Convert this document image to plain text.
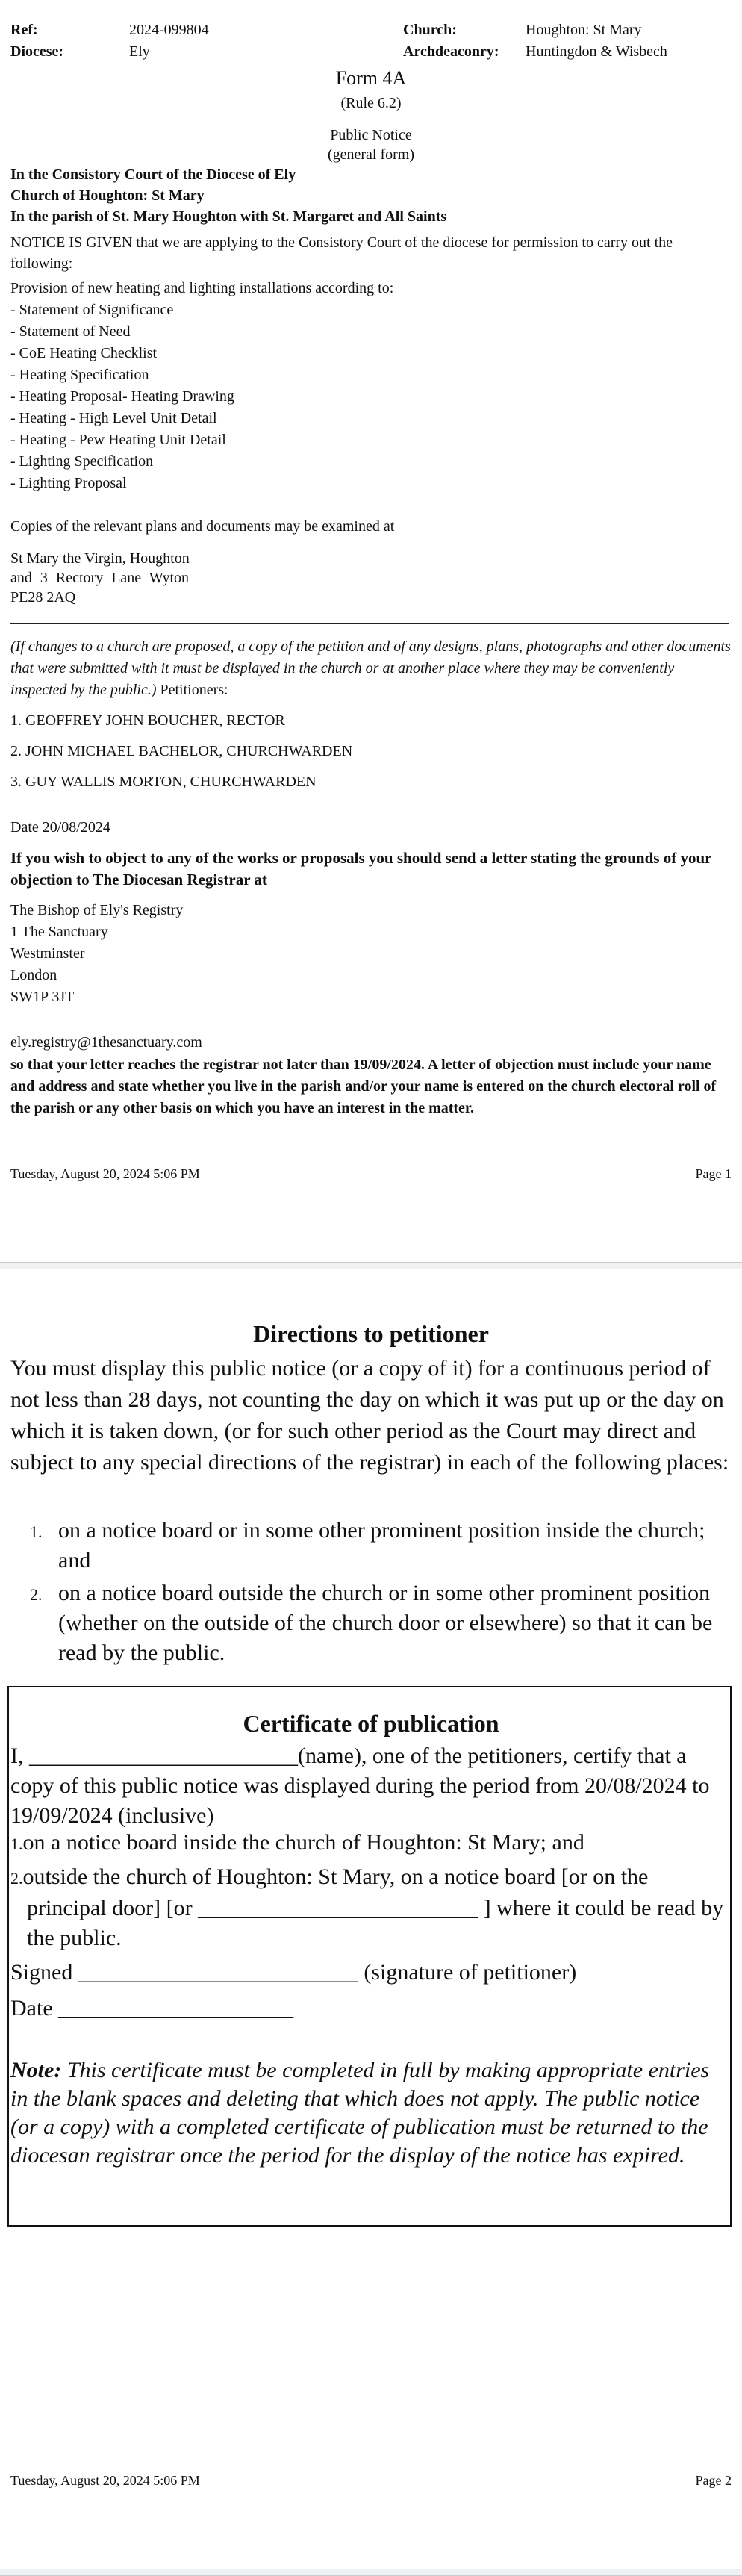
Ref:
Diocese:
2024-099804
Ely
Church:
Archdeaconry:
Houghton: St Mary
Huntingdon & Wisbech
Form 4A
(Rule 6.2)
Public Notice
(general form)
In the Consistory Court of the Diocese of Ely
Church of Houghton: St Mary
In the parish of St. Mary Houghton with St. Margaret and All Saints
NOTICE IS GIVEN that we are applying to the Consistory Court of the diocese for permission to carry out the following:
Provision of new heating and lighting installations according to:
- Statement of Significance
- Statement of Need
- CoE Heating Checklist
- Heating Specification
- Heating Proposal- Heating Drawing
- Heating - High Level Unit Detail
- Heating - Pew Heating Unit Detail
- Lighting Specification
- Lighting Proposal
Copies of the relevant plans and documents may be examined at
St Mary the Virgin, Houghton
and 3 Rectory Lane Wyton
PE28 2AQ
(If changes to a church are proposed, a copy of the petition and of any designs, plans, photographs and other documents that were submitted with it must be displayed in the church or at another place where they may be conveniently inspected by the public.) Petitioners:
1. GEOFFREY JOHN BOUCHER, RECTOR
2. JOHN MICHAEL BACHELOR, CHURCHWARDEN
3. GUY WALLIS MORTON, CHURCHWARDEN
Date 20/08/2024
If you wish to object to any of the works or proposals you should send a letter stating the grounds of your objection to The Diocesan Registrar at
The Bishop of Ely's Registry
1 The Sanctuary
Westminster
London
SW1P 3JT
ely.registry@1thesanctuary.com
so that your letter reaches the registrar not later than 19/09/2024. A letter of objection must include your name and address and state whether you live in the parish and/or your name is entered on the church electoral roll of the parish or any other basis on which you have an interest in the matter.
Tuesday, August 20, 2024 5:06 PM	Page 1
Directions to petitioner
You must display this public notice (or a copy of it) for a continuous period of not less than 28 days, not counting the day on which it was put up or the day on which it is taken down, (or for such other period as the Court may direct and subject to any special directions of the registrar) in each of the following places:
1. on a notice board or in some other prominent position inside the church; and
2. on a notice board outside the church or in some other prominent position (whether on the outside of the church door or elsewhere) so that it can be read by the public.
Certificate of publication
I, ________________________(name), one of the petitioners, certify that a copy of this public notice was displayed during the period from 20/08/2024 to 19/09/2024 (inclusive)
1.on a notice board inside the church of Houghton: St Mary; and
2.outside the church of Houghton: St Mary, on a notice board [or on the principal door] [or _________________________ ] where it could be read by the public.
Signed _________________________ (signature of petitioner)
Date _____________________
Note: This certificate must be completed in full by making appropriate entries in the blank spaces and deleting that which does not apply. The public notice (or a copy) with a completed certificate of publication must be returned to the diocesan registrar once the period for the display of the notice has expired.
Tuesday, August 20, 2024 5:06 PM	Page 2
